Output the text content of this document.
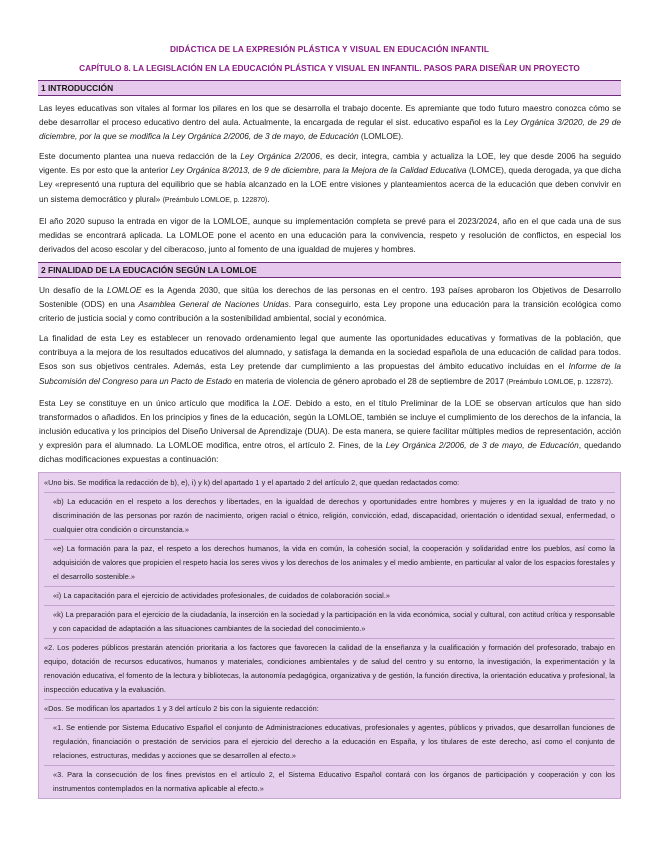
DIDÁCTICA DE LA EXPRESIÓN PLÁSTICA Y VISUAL EN EDUCACIÓN INFANTIL
CAPÍTULO 8. LA LEGISLACIÓN EN LA EDUCACIÓN PLÁSTICA Y VISUAL EN INFANTIL. PASOS PARA DISEÑAR UN PROYECTO
1 INTRODUCCIÓN

Las leyes educativas son vitales al formar los pilares en los que se desarrolla el trabajo docente. Es apremiante que todo futuro maestro conozca cómo se debe desarrollar el proceso educativo dentro del aula. Actualmente, la encargada de regular el sist. educativo español es la Ley Orgánica 3/2020, de 29 de diciembre, por la que se modifica la Ley Orgánica 2/2006, de 3 de mayo, de Educación (LOMLOE).

Este documento plantea una nueva redacción de la Ley Orgánica 2/2006, es decir, integra, cambia y actualiza la LOE, ley que desde 2006 ha seguido vigente. Es por esto que la anterior Ley Orgánica 8/2013, de 9 de diciembre, para la Mejora de la Calidad Educativa (LOMCE), queda derogada, ya que dicha Ley «representó una ruptura del equilibrio que se había alcanzado en la LOE entre visiones y planteamientos acerca de la educación que deben convivir en un sistema democrático y plural» (Preámbulo LOMLOE, p. 122870).

El año 2020 supuso la entrada en vigor de la LOMLOE, aunque su implementación completa se prevé para el 2023/2024, año en el que cada una de sus medidas se encontrará aplicada. La LOMLOE pone el acento en una educación para la convivencia, respeto y resolución de conflictos, en especial los derivados del acoso escolar y del ciberacoso, junto al fomento de una igualdad de mujeres y hombres.

2 FINALIDAD DE LA EDUCACIÓN SEGÚN LA LOMLOE

Un desafío de la LOMLOE es la Agenda 2030, que sitúa los derechos de las personas en el centro. 193 países aprobaron los Objetivos de Desarrollo Sostenible (ODS) en una Asamblea General de Naciones Unidas. Para conseguirlo, esta Ley propone una educación para la transición ecológica como criterio de justicia social y como contribución a la sostenibilidad ambiental, social y económica.

La finalidad de esta Ley es establecer un renovado ordenamiento legal que aumente las oportunidades educativas y formativas de la población, que contribuya a la mejora de los resultados educativos del alumnado, y satisfaga la demanda en la sociedad española de una educación de calidad para todos. Esos son sus objetivos centrales. Además, esta Ley pretende dar cumplimiento a las propuestas del ámbito educativo incluidas en el Informe de la Subcomisión del Congreso para un Pacto de Estado en materia de violencia de género aprobado el 28 de septiembre de 2017 (Preámbulo LOMLOE, p. 122872).

Esta Ley se constituye en un único artículo que modifica la LOE. Debido a esto, en el título Preliminar de la LOE se observan artículos que han sido transformados o añadidos. En los principios y fines de la educación, según la LOMLOE, también se incluye el cumplimiento de los derechos de la infancia, la inclusión educativa y los principios del Diseño Universal de Aprendizaje (DUA). De esta manera, se quiere facilitar múltiples medios de representación, acción y expresión para el alumnado. La LOMLOE modifica, entre otros, el artículo 2. Fines, de la Ley Orgánica 2/2006, de 3 de mayo, de Educación, quedando dichas modificaciones expuestas a continuación:

«Uno bis. Se modifica la redacción de b), e), i) y k) del apartado 1 y el apartado 2 del artículo 2, que quedan redactados como:

«b) La educación en el respeto a los derechos y libertades, en la igualdad de derechos y oportunidades entre hombres y mujeres y en la igualdad de trato y no discriminación de las personas por razón de nacimiento, origen racial o étnico, religión, convicción, edad, discapacidad, orientación o identidad sexual, enfermedad, o cualquier otra condición o circunstancia.»

«e) La formación para la paz, el respeto a los derechos humanos, la vida en común, la cohesión social, la cooperación y solidaridad entre los pueblos, así como la adquisición de valores que propicien el respeto hacia los seres vivos y los derechos de los animales y el medio ambiente, en particular al valor de los espacios forestales y el desarrollo sostenible.»

«i) La capacitación para el ejercicio de actividades profesionales, de cuidados de colaboración social.»

«k) La preparación para el ejercicio de la ciudadanía, la inserción en la sociedad y la participación en la vida económica, social y cultural, con actitud crítica y responsable y con capacidad de adaptación a las situaciones cambiantes de la sociedad del conocimiento.»

«2. Los poderes públicos prestarán atención prioritaria a los factores que favorecen la calidad de la enseñanza y la cualificación y formación del profesorado, trabajo en equipo, dotación de recursos educativos, humanos y materiales, condiciones ambientales y de salud del centro y su entorno, la investigación, la experimentación y la renovación educativa, el fomento de la lectura y bibliotecas, la autonomía pedagógica, organizativa y de gestión, la función directiva, la orientación educativa y profesional, la inspección educativa y la evaluación.

«Dos. Se modifican los apartados 1 y 3 del artículo 2 bis con la siguiente redacción:

«1. Se entiende por Sistema Educativo Español el conjunto de Administraciones educativas, profesionales y agentes, públicos y privados, que desarrollan funciones de regulación, financiación o prestación de servicios para el ejercicio del derecho a la educación en España, y los titulares de este derecho, así como el conjunto de relaciones, estructuras, medidas y acciones que se desarrollen al efecto.»

«3. Para la consecución de los fines previstos en el artículo 2, el Sistema Educativo Español contará con los órganos de participación y cooperación y con los instrumentos contemplados en la normativa aplicable al efecto.»
